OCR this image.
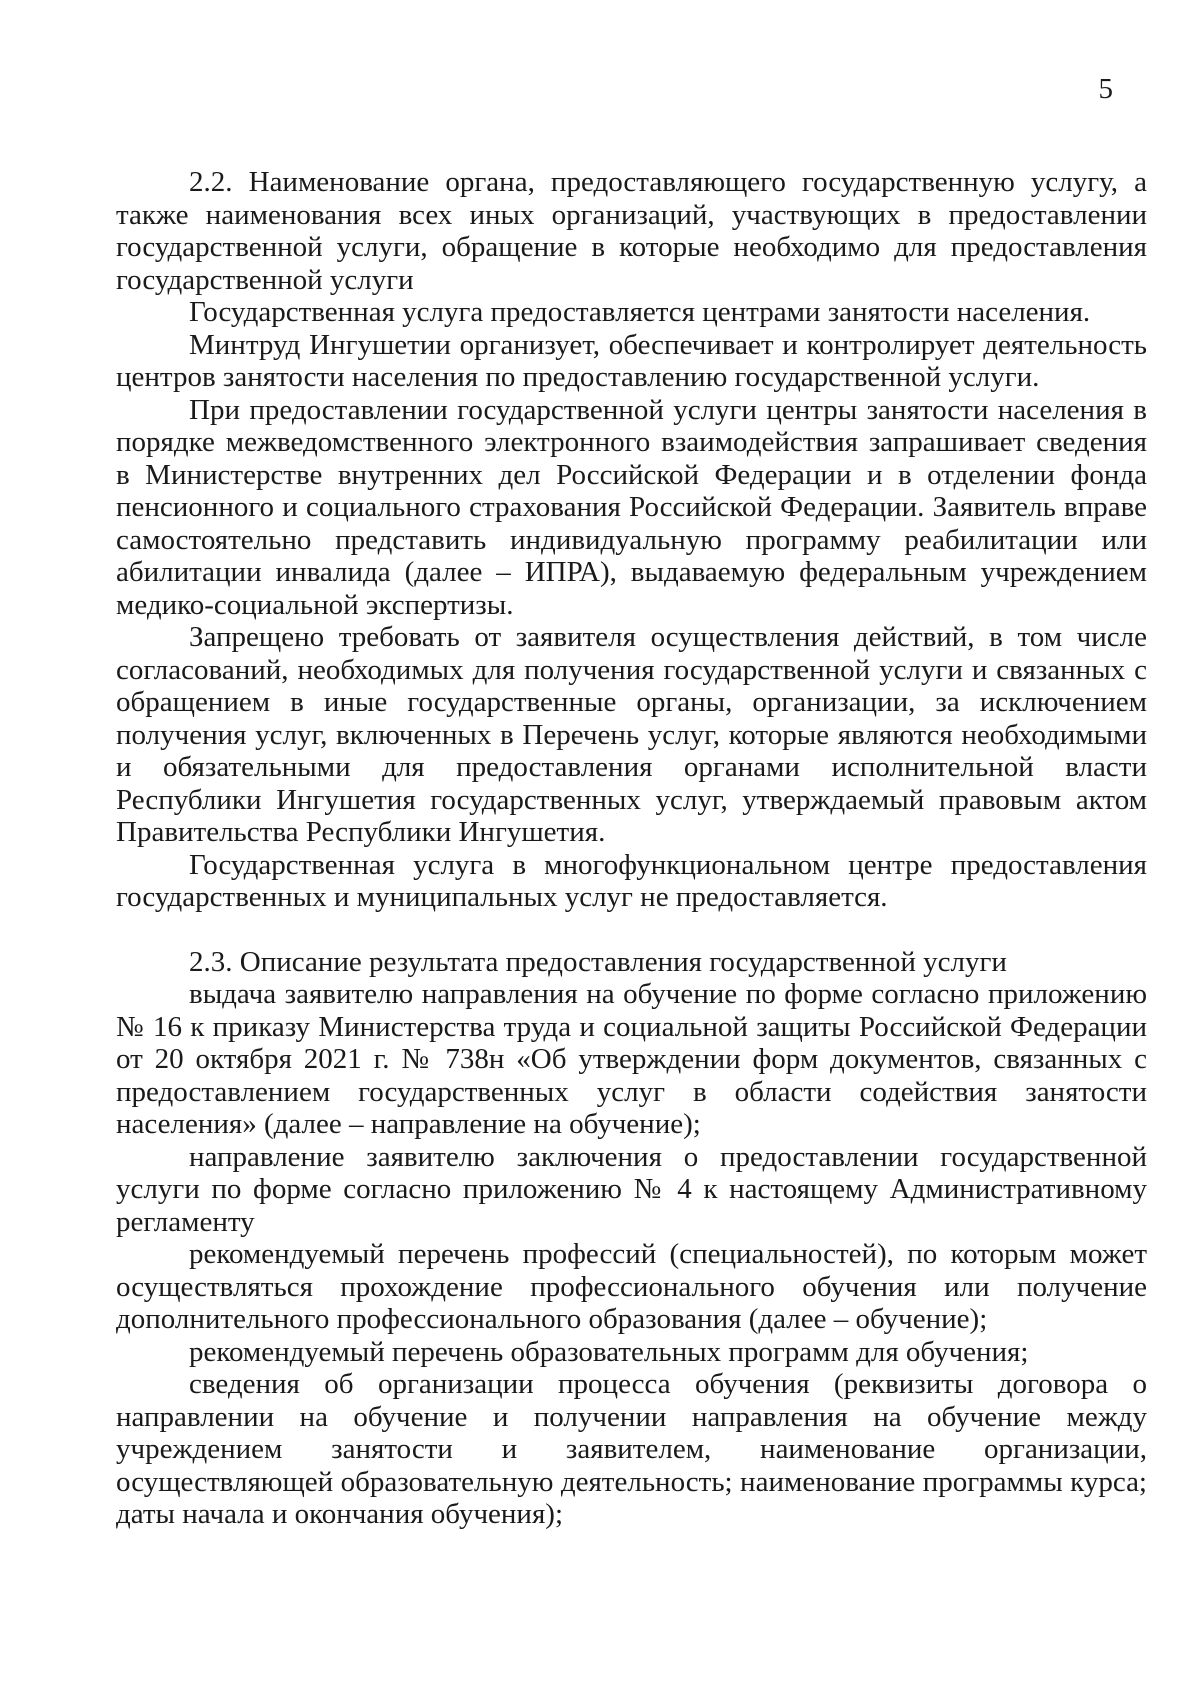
5

2.2. Наименование органа, предоставляющего государственную услугу, а также наименования всех иных организаций, участвующих в предоставлении государственной услуги, обращение в которые необходимо для предоставления государственной услуги

Государственная услуга предоставляется центрами занятости населения.

Минтруд Ингушетии организует, обеспечивает и контролирует деятельность центров занятости населения по предоставлению государственной услуги.

При предоставлении государственной услуги центры занятости населения в порядке межведомственного электронного взаимодействия запрашивает сведения в Министерстве внутренних дел Российской Федерации и в отделении фонда пенсионного и социального страхования Российской Федерации. Заявитель вправе самостоятельно представить индивидуальную программу реабилитации или абилитации инвалида (далее – ИПРА), выдаваемую федеральным учреждением медико-социальной экспертизы.

Запрещено требовать от заявителя осуществления действий, в том числе согласований, необходимых для получения государственной услуги и связанных с обращением в иные государственные органы, организации, за исключением получения услуг, включенных в Перечень услуг, которые являются необходимыми и обязательными для предоставления органами исполнительной власти Республики Ингушетия государственных услуг, утверждаемый правовым актом Правительства Республики Ингушетия.

Государственная услуга в многофункциональном центре предоставления государственных и муниципальных услуг не предоставляется.

2.3. Описание результата предоставления государственной услуги

выдача заявителю направления на обучение по форме согласно приложению № 16 к приказу Министерства труда и социальной защиты Российской Федерации от 20 октября 2021 г. № 738н «Об утверждении форм документов, связанных с предоставлением государственных услуг в области содействия занятости населения» (далее – направление на обучение);

направление заявителю заключения о предоставлении государственной услуги по форме согласно приложению № 4 к настоящему Административному регламенту

рекомендуемый перечень профессий (специальностей), по которым может осуществляться прохождение профессионального обучения или получение дополнительного профессионального образования (далее – обучение);

рекомендуемый перечень образовательных программ для обучения;

сведения об организации процесса обучения (реквизиты договора о направлении на обучение и получении направления на обучение между учреждением занятости и заявителем, наименование организации, осуществляющей образовательную деятельность; наименование программы курса; даты начала и окончания обучения);
